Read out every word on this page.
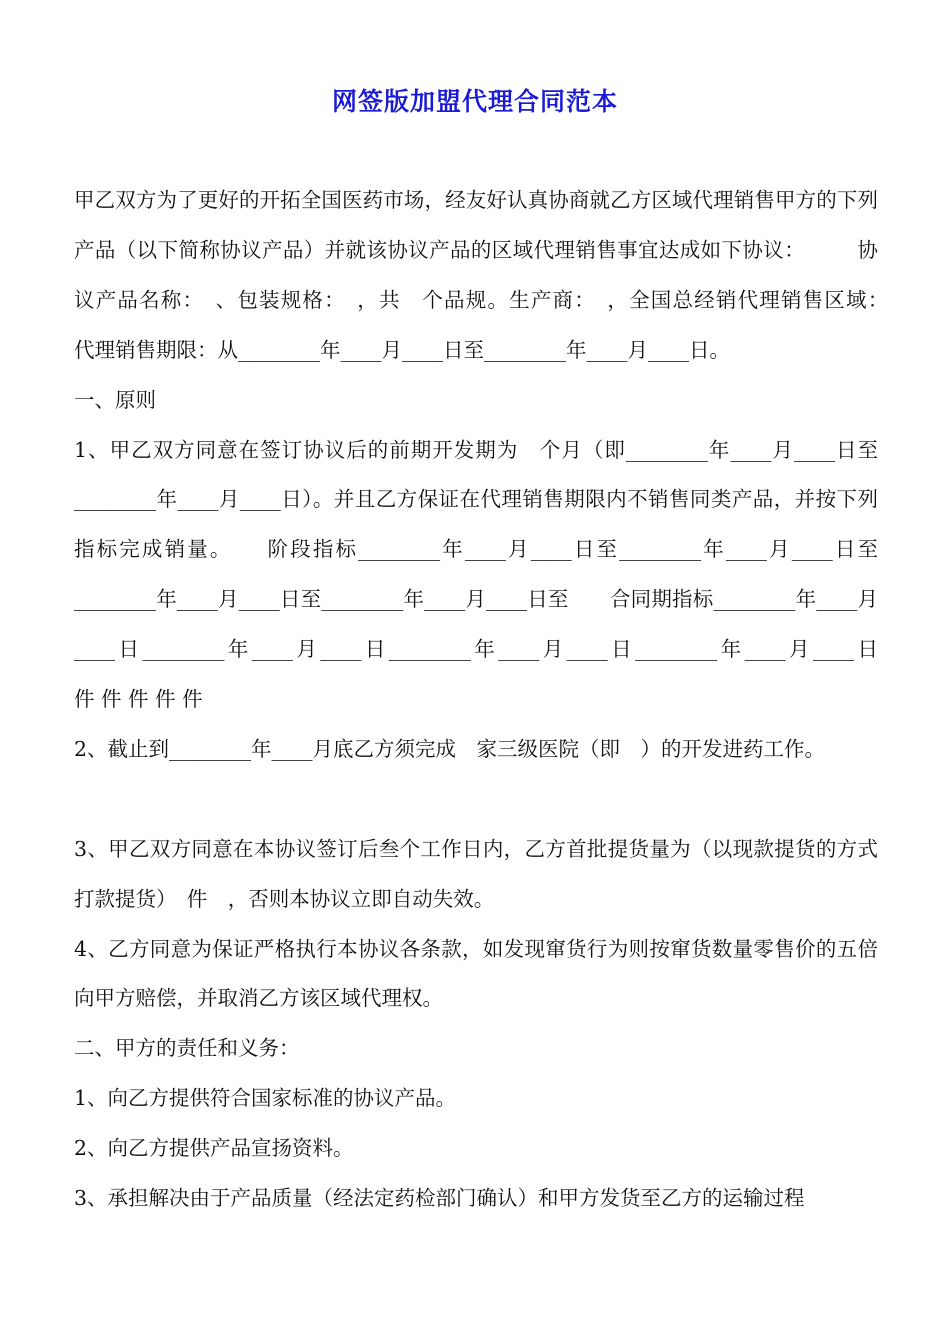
网签版加盟代理合同范本

甲乙双方为了更好的开拓全国医药市场，经友好认真协商就乙方区域代理销售甲方的下列产品（以下简称协议产品）并就该协议产品的区域代理销售事宜达成如下协议：　　　协议产品名称：　、包装规格：　，共　个品规。生产商：　，全国总经销代理销售区域：　　　代理销售期限：从________年____月____日至________年____月____日。

一、原则

1、甲乙双方同意在签订协议后的前期开发期为　个月（即________年____月____日至________年____月____日）。并且乙方保证在代理销售期限内不销售同类产品，并按下列指标完成销量。　　阶段指标________年____月____日至________年____月____日至________年____月____日至________年____月____日至　　合同期指标________年____月____日________年____月____日________年____月____日________年____月____日　　 件 件 件 件 件

2、截止到________年____月底乙方须完成　家三级医院（即　）的开发进药工作。

3、甲乙双方同意在本协议签订后叁个工作日内，乙方首批提货量为（以现款提货的方式打款提货）　件　，否则本协议立即自动失效。

4、乙方同意为保证严格执行本协议各条款，如发现窜货行为则按窜货数量零售价的五倍向甲方赔偿，并取消乙方该区域代理权。

二、甲方的责任和义务：

1、向乙方提供符合国家标准的协议产品。

2、向乙方提供产品宣扬资料。

3、承担解决由于产品质量（经法定药检部门确认）和甲方发货至乙方的运输过程
